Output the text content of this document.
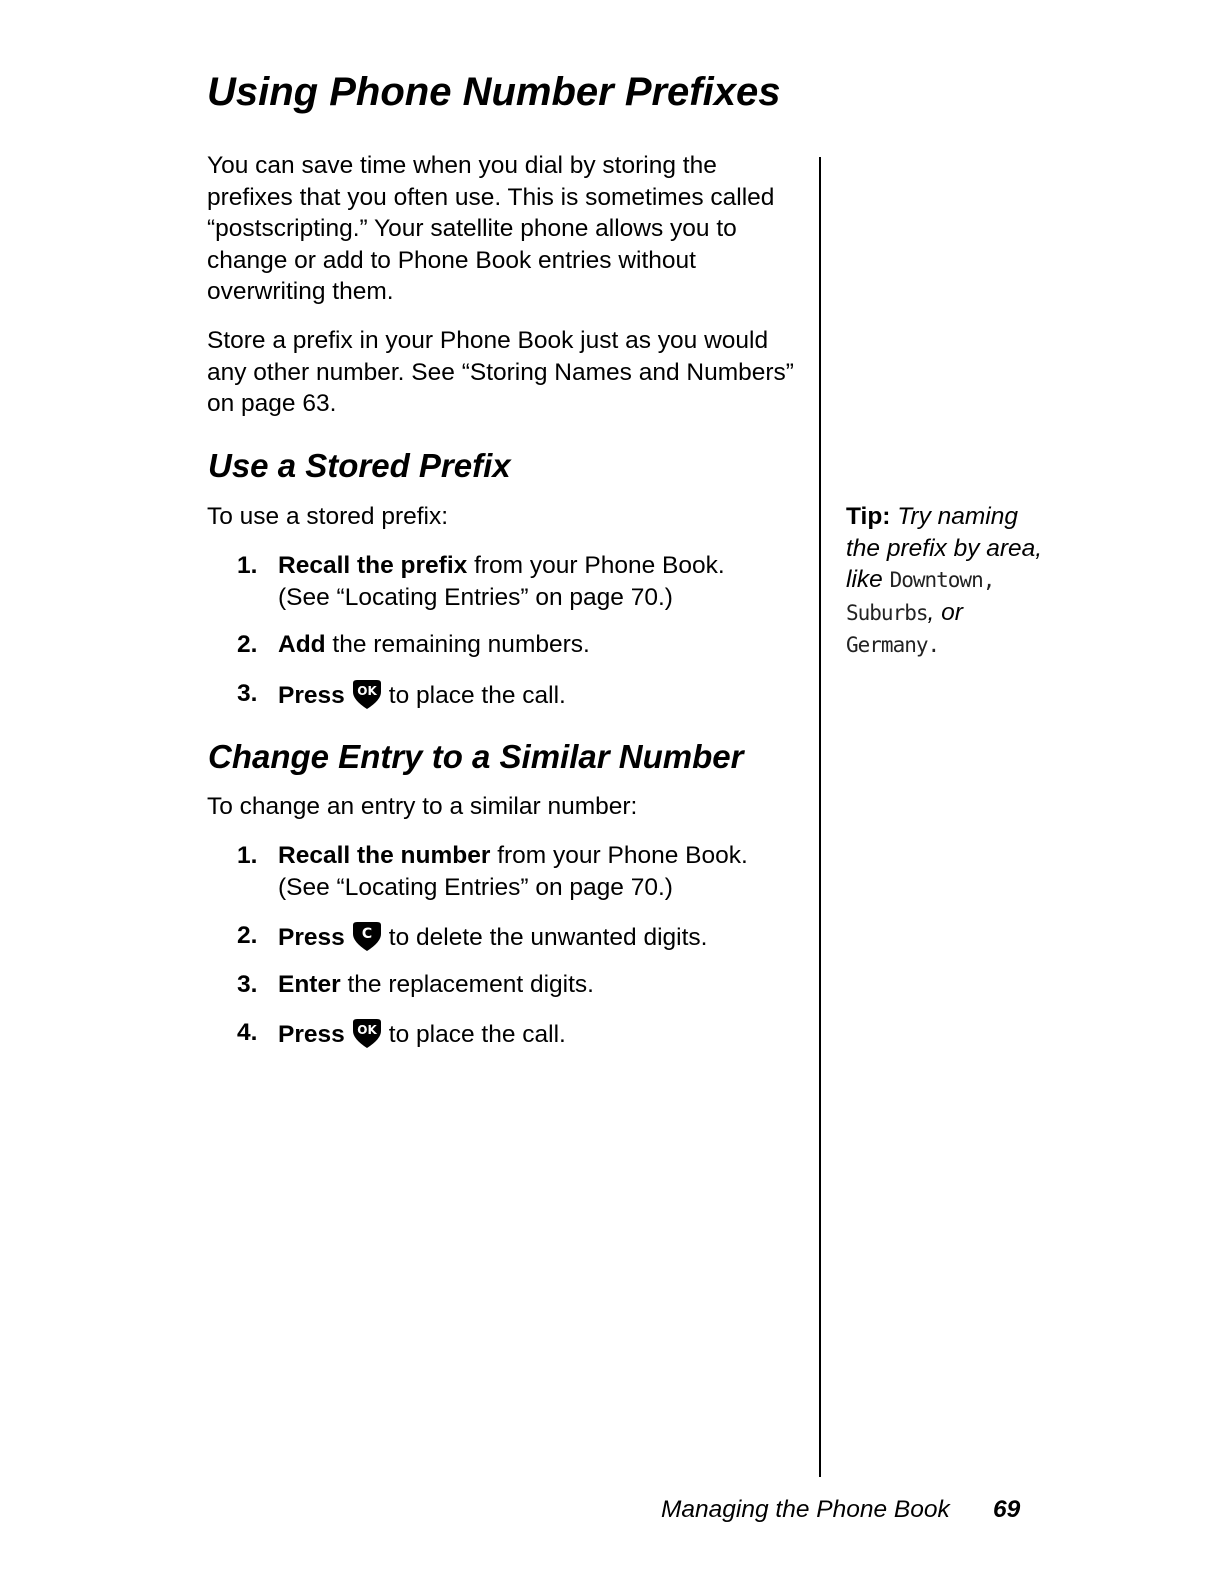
Using Phone Number Prefixes

You can save time when you dial by storing the prefixes that you often use. This is sometimes called “postscripting.” Your satellite phone allows you to change or add to Phone Book entries without overwriting them.

Store a prefix in your Phone Book just as you would any other number. See “Storing Names and Numbers” on page 63.

Use a Stored Prefix

To use a stored prefix:

1. Recall the prefix from your Phone Book.
(See “Locating Entries” on page 70.)
2. Add the remaining numbers.
3. Press OK to place the call.
Change Entry to a Similar Number

To change an entry to a similar number:

1. Recall the number from your Phone Book.
(See “Locating Entries” on page 70.)
2. Press C to delete the unwanted digits.
3. Enter the replacement digits.
4. Press OK to place the call.
Tip: Try naming the prefix by area, like Downtown, Suburbs, or Germany.
Managing the Phone Book 69
